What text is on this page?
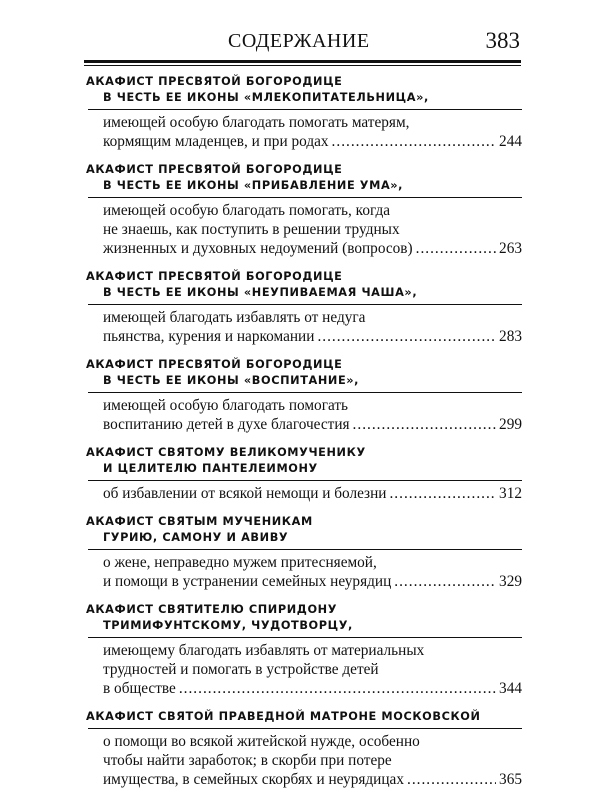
СОДЕРЖАНИЕ	383
АКАФИСТ ПРЕСВЯТОЙ БОГОРОДИЦЕ
В ЧЕСТЬ ЕЕ ИКОНЫ «МЛЕКОПИТАТЕЛЬНИЦА»,
имеющей особую благодать помогать матерям,
кормящим младенцев, и при родах .....	244
АКАФИСТ ПРЕСВЯТОЙ БОГОРОДИЦЕ
В ЧЕСТЬ ЕЕ ИКОНЫ «ПРИБАВЛЕНИЕ УМА»,
имеющей особую благодать помогать, когда
не знаешь, как поступить в решении трудных
жизненных и духовных недоумений (вопросов) .....	263
АКАФИСТ ПРЕСВЯТОЙ БОГОРОДИЦЕ
В ЧЕСТЬ ЕЕ ИКОНЫ «НЕУПИВАЕМАЯ ЧАША»,
имеющей благодать избавлять от недуга
пьянства, курения и наркомании .....	283
АКАФИСТ ПРЕСВЯТОЙ БОГОРОДИЦЕ
В ЧЕСТЬ ЕЕ ИКОНЫ «ВОСПИТАНИЕ»,
имеющей особую благодать помогать
воспитанию детей в духе благочестия .....	299
АКАФИСТ СВЯТОМУ ВЕЛИКОМУЧЕНИКУ
И ЦЕЛИТЕЛЮ ПАНТЕЛЕИМОНУ
об избавлении от всякой немощи и болезни .....	312
АКАФИСТ СВЯТЫМ МУЧЕНИКАМ
ГУРИЮ, САМОНУ И АВИВУ
о жене, неправедно мужем притесняемой,
и помощи в устранении семейных неурядиц .....	329
АКАФИСТ СВЯТИТЕЛЮ СПИРИДОНУ
ТРИМИФУНТСКОМУ, ЧУДОТВОРЦУ,
имеющему благодать избавлять от материальных
трудностей и помогать в устройстве детей
в обществе .....	344
АКАФИСТ СВЯТОЙ ПРАВЕДНОЙ МАТРОНЕ МОСКОВСКОЙ
о помощи во всякой житейской нужде, особенно
чтобы найти заработок; в скорби при потере
имущества, в семейных скорбях и неурядицах .....	365
